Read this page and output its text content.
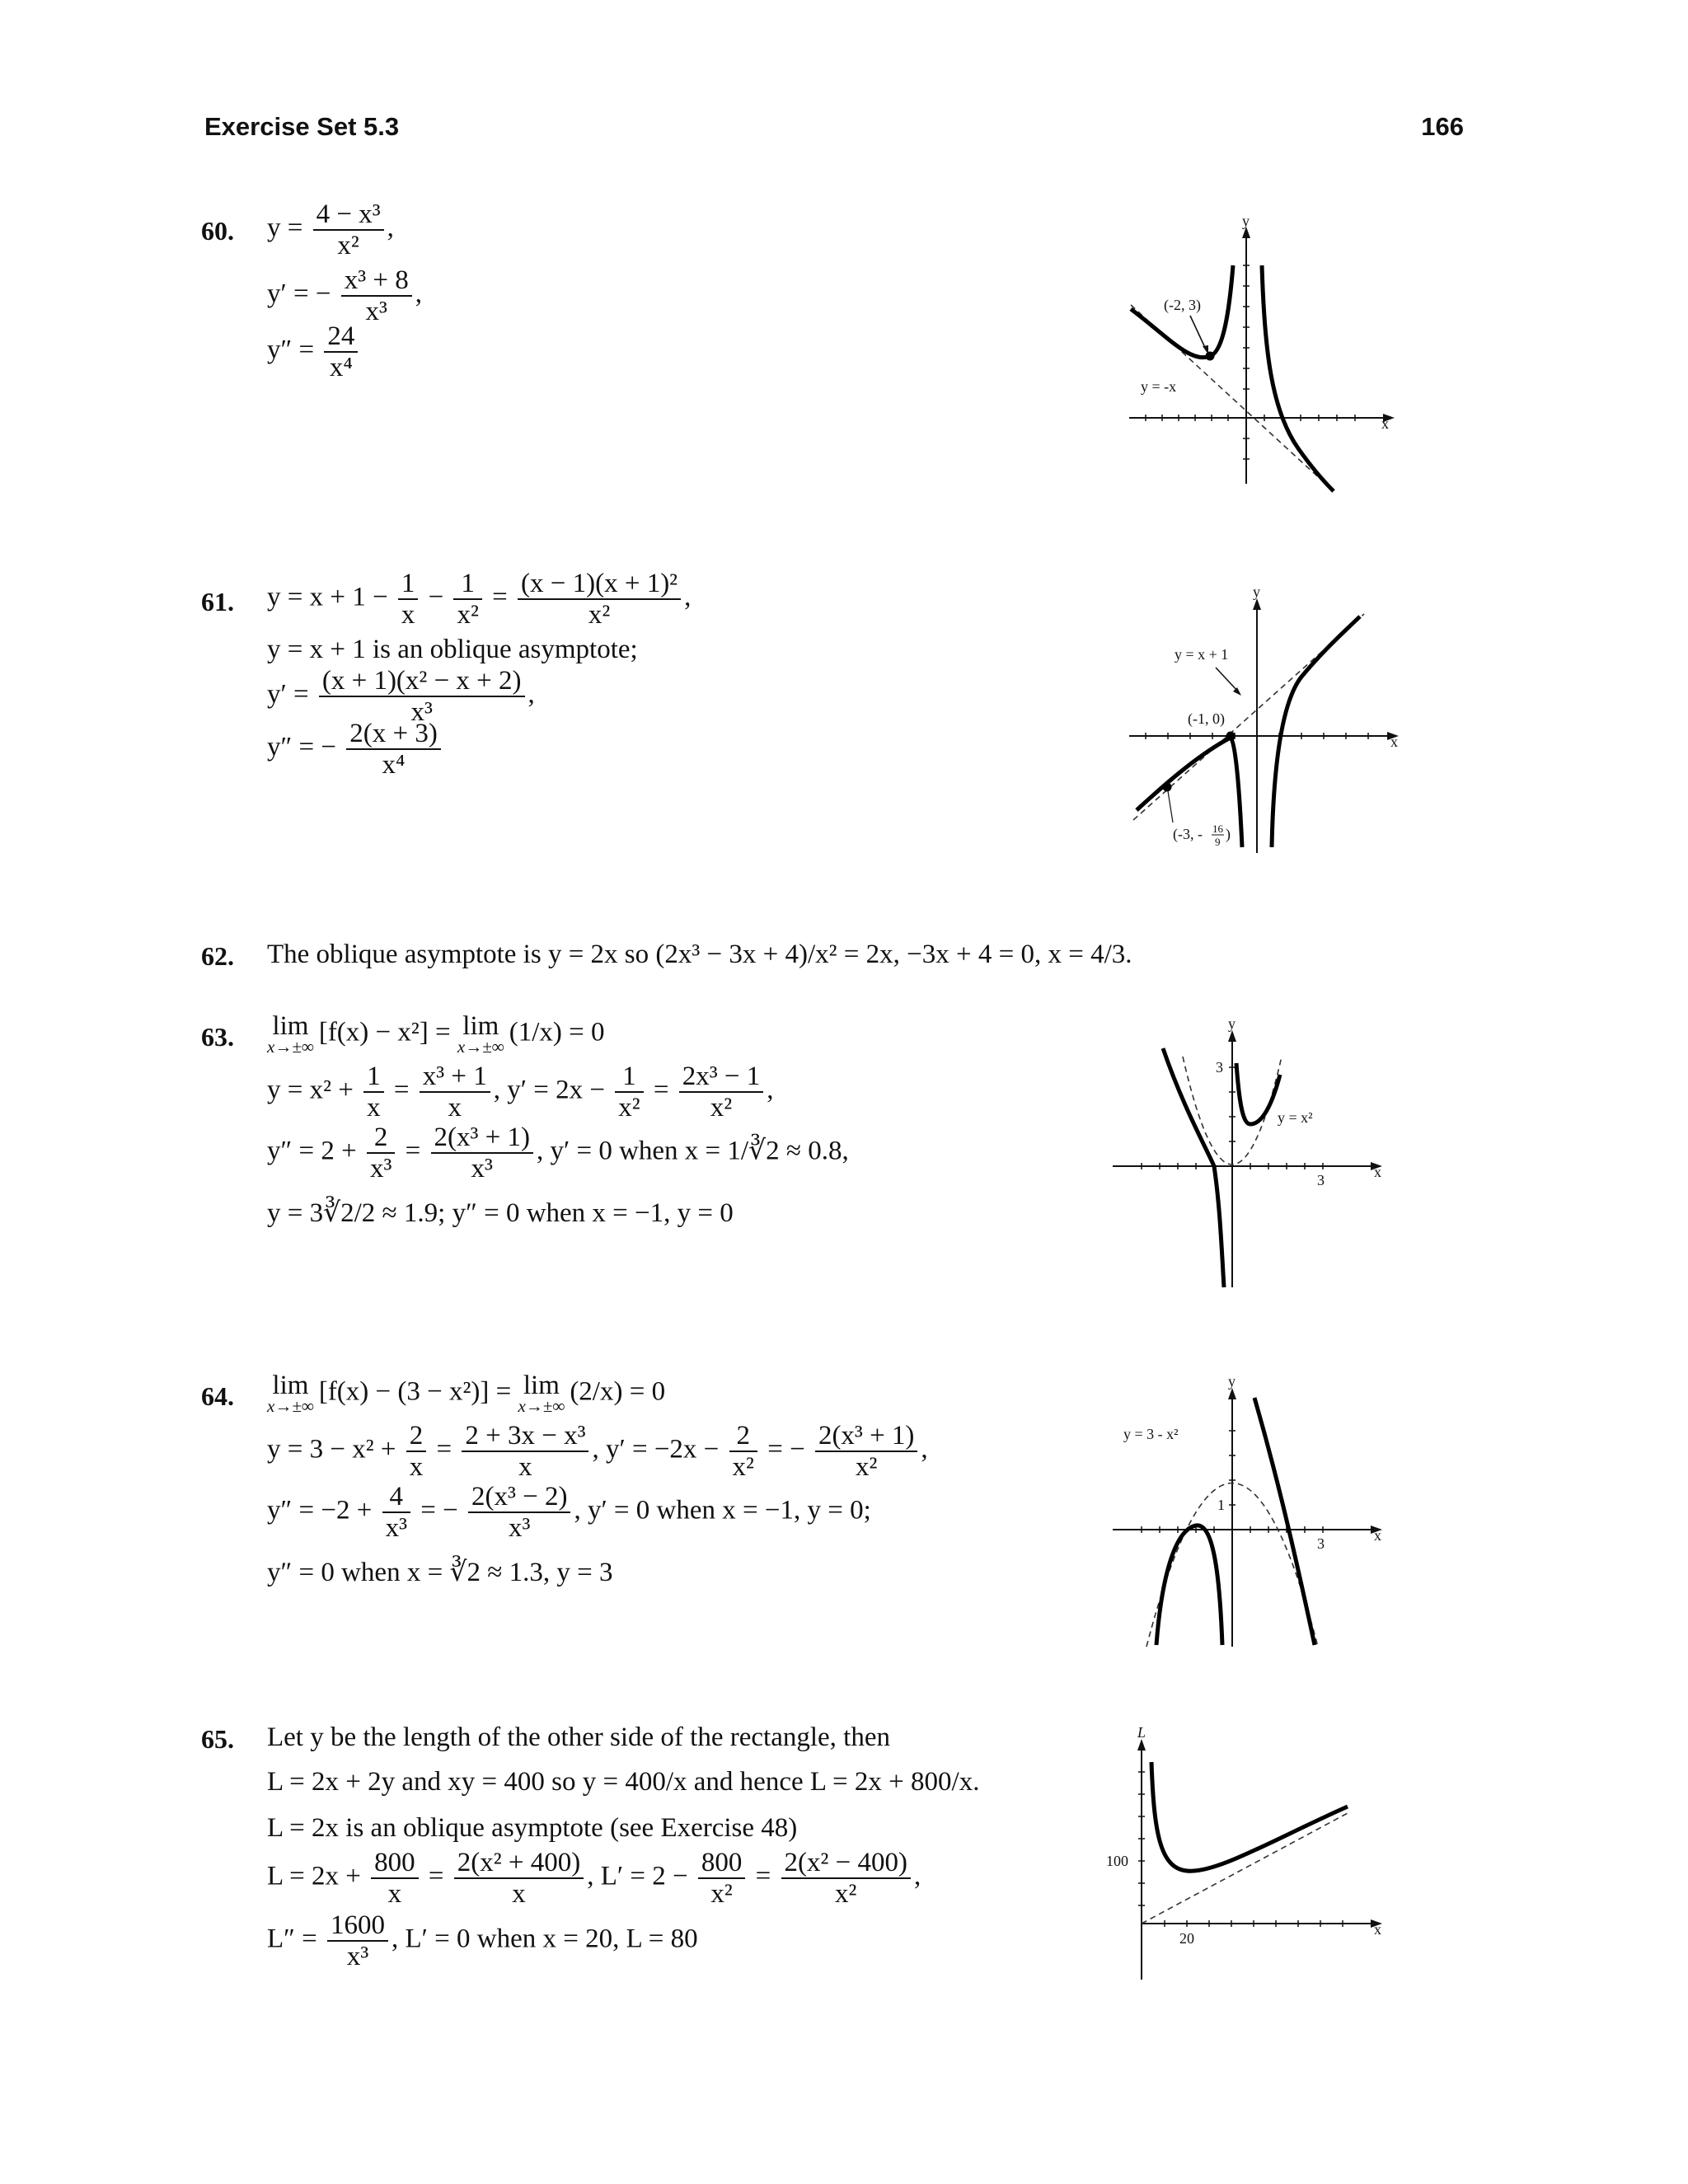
Exercise Set 5.3	166
60. $y = \frac{\text{4 − x³}}{\text{x²}}$ ,
y′ = − $\frac{\text{x³ + 8}}{\text{x³}}$ ,
$y'' = \frac{24}{\text{x⁴}}$
x
y
(-2, 3)
y = -x
61. $y = x + 1 - \frac{1}{x} - \frac{1}{\text{x²}} = \frac{\text{(x − 1)(x + 1)²}}{\text{x²}}$ ,
y = x + 1 is an oblique asymptote;
$y' = \frac{\text{(x + 1)(x² − x + 2)}}{\text{x³}}$ ,
y″ = − $\frac{2(x + 3)}{\text{x⁴}}$	x
y
y = x + 1
(-1, 0)
(-3, - 16
9 )
62. The oblique asymptote is y = 2x so (2x³ − 3x + 4)/x² = 2x, −3x + 4 = 0, x = 4/3.
63. lim
x→±∞ [f(x) − x²] = lim
x→±∞ (1/x) = 0
$y = x^2 + \frac{1}{x} = \frac{\text{x³ + 1}}{x}$ , $y' = 2x - \frac{1}{\text{x²}} = \frac{\text{2x³ − 1}}{\text{x²}}$ ,
$y'' = 2 + \frac{2}{\text{x³}} = \frac{\text{2(x³ + 1)}}{\text{x³}}$ , y′ = 0 when x = 1/∛2 ≈ 0.8,
y = 3∛2/2 ≈ 1.9; y″ = 0 when x = −1, y = 0
x
y
3
3
y = x²
64. lim
x→±∞ [f(x) − (3 − x²)] = lim
x→±∞ (2/x) = 0
$y = 3 - x^2 + \frac{2}{x} = \frac{\text{2 + 3x − x³}}{x}$ , $y' = -2x - \frac{2}{\text{x²}}$ = − $\frac{\text{2(x³ + 1)}}{\text{x²}}$ ,
$y'' = -2 + \frac{4}{\text{x³}}$ = − $\frac{\text{2(x³ − 2)}}{\text{x³}}$ , y′ = 0 when x = −1, y = 0;
y″ = 0 when x = ∛2 ≈ 1.3, y = 3
x
y
1
3
y = 3 - x²
65. Let y be the length of the other side of the rectangle, then
L = 2x + 2y and xy = 400 so y = 400/x and hence L = 2x + 800/x.
L = 2x is an oblique asymptote (see Exercise 48)
$L = 2x + \frac{800}{x} = \frac{\text{2(x² + 400)}}{x}$ , $L' = 2 - \frac{800}{\text{x²}} = \frac{\text{2(x² − 400)}}{\text{x²}}$ ,
$L'' = \frac{1600}{\text{x³}}$ , L′ = 0 when x = 20, L = 80	x
L
100
20
